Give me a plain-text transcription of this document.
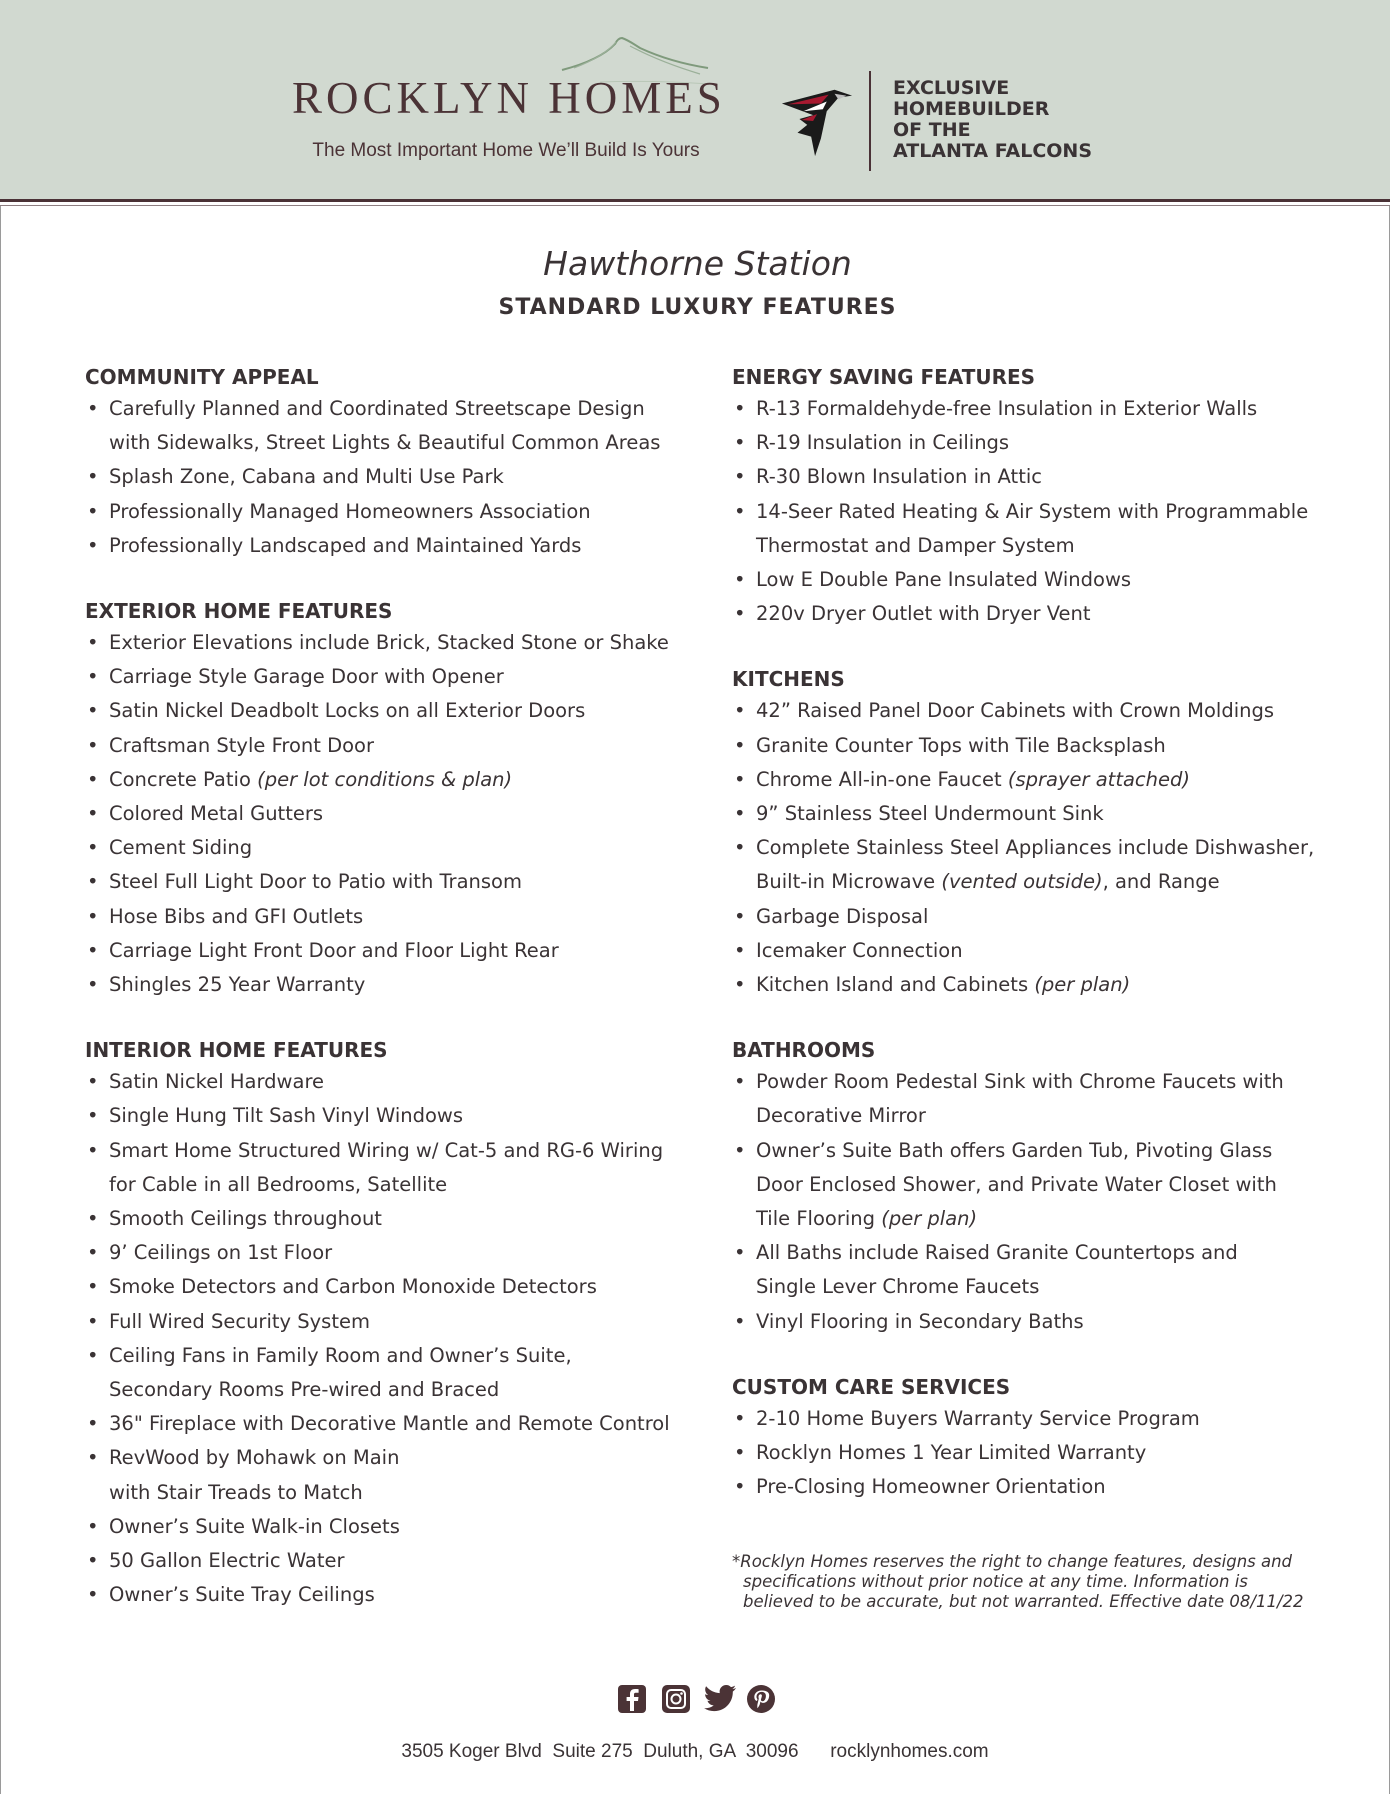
ROCKLYN HOMES
The Most Important Home We’ll Build Is Yours
EXCLUSIVE
HOMEBUILDER
OF THE
ATLANTA FALCONS
Hawthorne Station
STANDARD LUXURY FEATURES
COMMUNITY APPEAL
• Carefully Planned and Coordinated Streetscape Design
with Sidewalks, Street Lights & Beautiful Common Areas
• Splash Zone, Cabana and Multi Use Park
• Professionally Managed Homeowners Association
• Professionally Landscaped and Maintained Yards
EXTERIOR HOME FEATURES
• Exterior Elevations include Brick, Stacked Stone or Shake
• Carriage Style Garage Door with Opener
• Satin Nickel Deadbolt Locks on all Exterior Doors
• Craftsman Style Front Door
• Concrete Patio (per lot conditions & plan)
• Colored Metal Gutters
• Cement Siding
• Steel Full Light Door to Patio with Transom
• Hose Bibs and GFI Outlets
• Carriage Light Front Door and Floor Light Rear
• Shingles 25 Year Warranty
INTERIOR HOME FEATURES
• Satin Nickel Hardware
• Single Hung Tilt Sash Vinyl Windows
• Smart Home Structured Wiring w/ Cat-5 and RG-6 Wiring
for Cable in all Bedrooms, Satellite
• Smooth Ceilings throughout
• 9’ Ceilings on 1st Floor
• Smoke Detectors and Carbon Monoxide Detectors
• Full Wired Security System
• Ceiling Fans in Family Room and Owner’s Suite,
Secondary Rooms Pre-wired and Braced
• 36" Fireplace with Decorative Mantle and Remote Control
• RevWood by Mohawk on Main
with Stair Treads to Match
• Owner’s Suite Walk-in Closets
• 50 Gallon Electric Water
• Owner’s Suite Tray Ceilings
ENERGY SAVING FEATURES
• R-13 Formaldehyde-free Insulation in Exterior Walls
• R-19 Insulation in Ceilings
• R-30 Blown Insulation in Attic
• 14-Seer Rated Heating & Air System with Programmable
Thermostat and Damper System
• Low E Double Pane Insulated Windows
• 220v Dryer Outlet with Dryer Vent
KITCHENS
• 42” Raised Panel Door Cabinets with Crown Moldings
• Granite Counter Tops with Tile Backsplash
• Chrome All-in-one Faucet (sprayer attached)
• 9” Stainless Steel Undermount Sink
• Complete Stainless Steel Appliances include Dishwasher,
Built-in Microwave (vented outside), and Range
• Garbage Disposal
• Icemaker Connection
• Kitchen Island and Cabinets (per plan)
BATHROOMS
• Powder Room Pedestal Sink with Chrome Faucets with
Decorative Mirror
• Owner’s Suite Bath offers Garden Tub, Pivoting Glass
Door Enclosed Shower, and Private Water Closet with
Tile Flooring (per plan)
• All Baths include Raised Granite Countertops and
Single Lever Chrome Faucets
• Vinyl Flooring in Secondary Baths
CUSTOM CARE SERVICES
• 2-10 Home Buyers Warranty Service Program
• Rocklyn Homes 1 Year Limited Warranty
• Pre-Closing Homeowner Orientation
*Rocklyn Homes reserves the right to change features, designs and
specifications without prior notice at any time. Information is
believed to be accurate, but not warranted. Effective date 08/11/22
3505 Koger Blvd  Suite 275  Duluth, GA  30096 rocklynhomes.com
